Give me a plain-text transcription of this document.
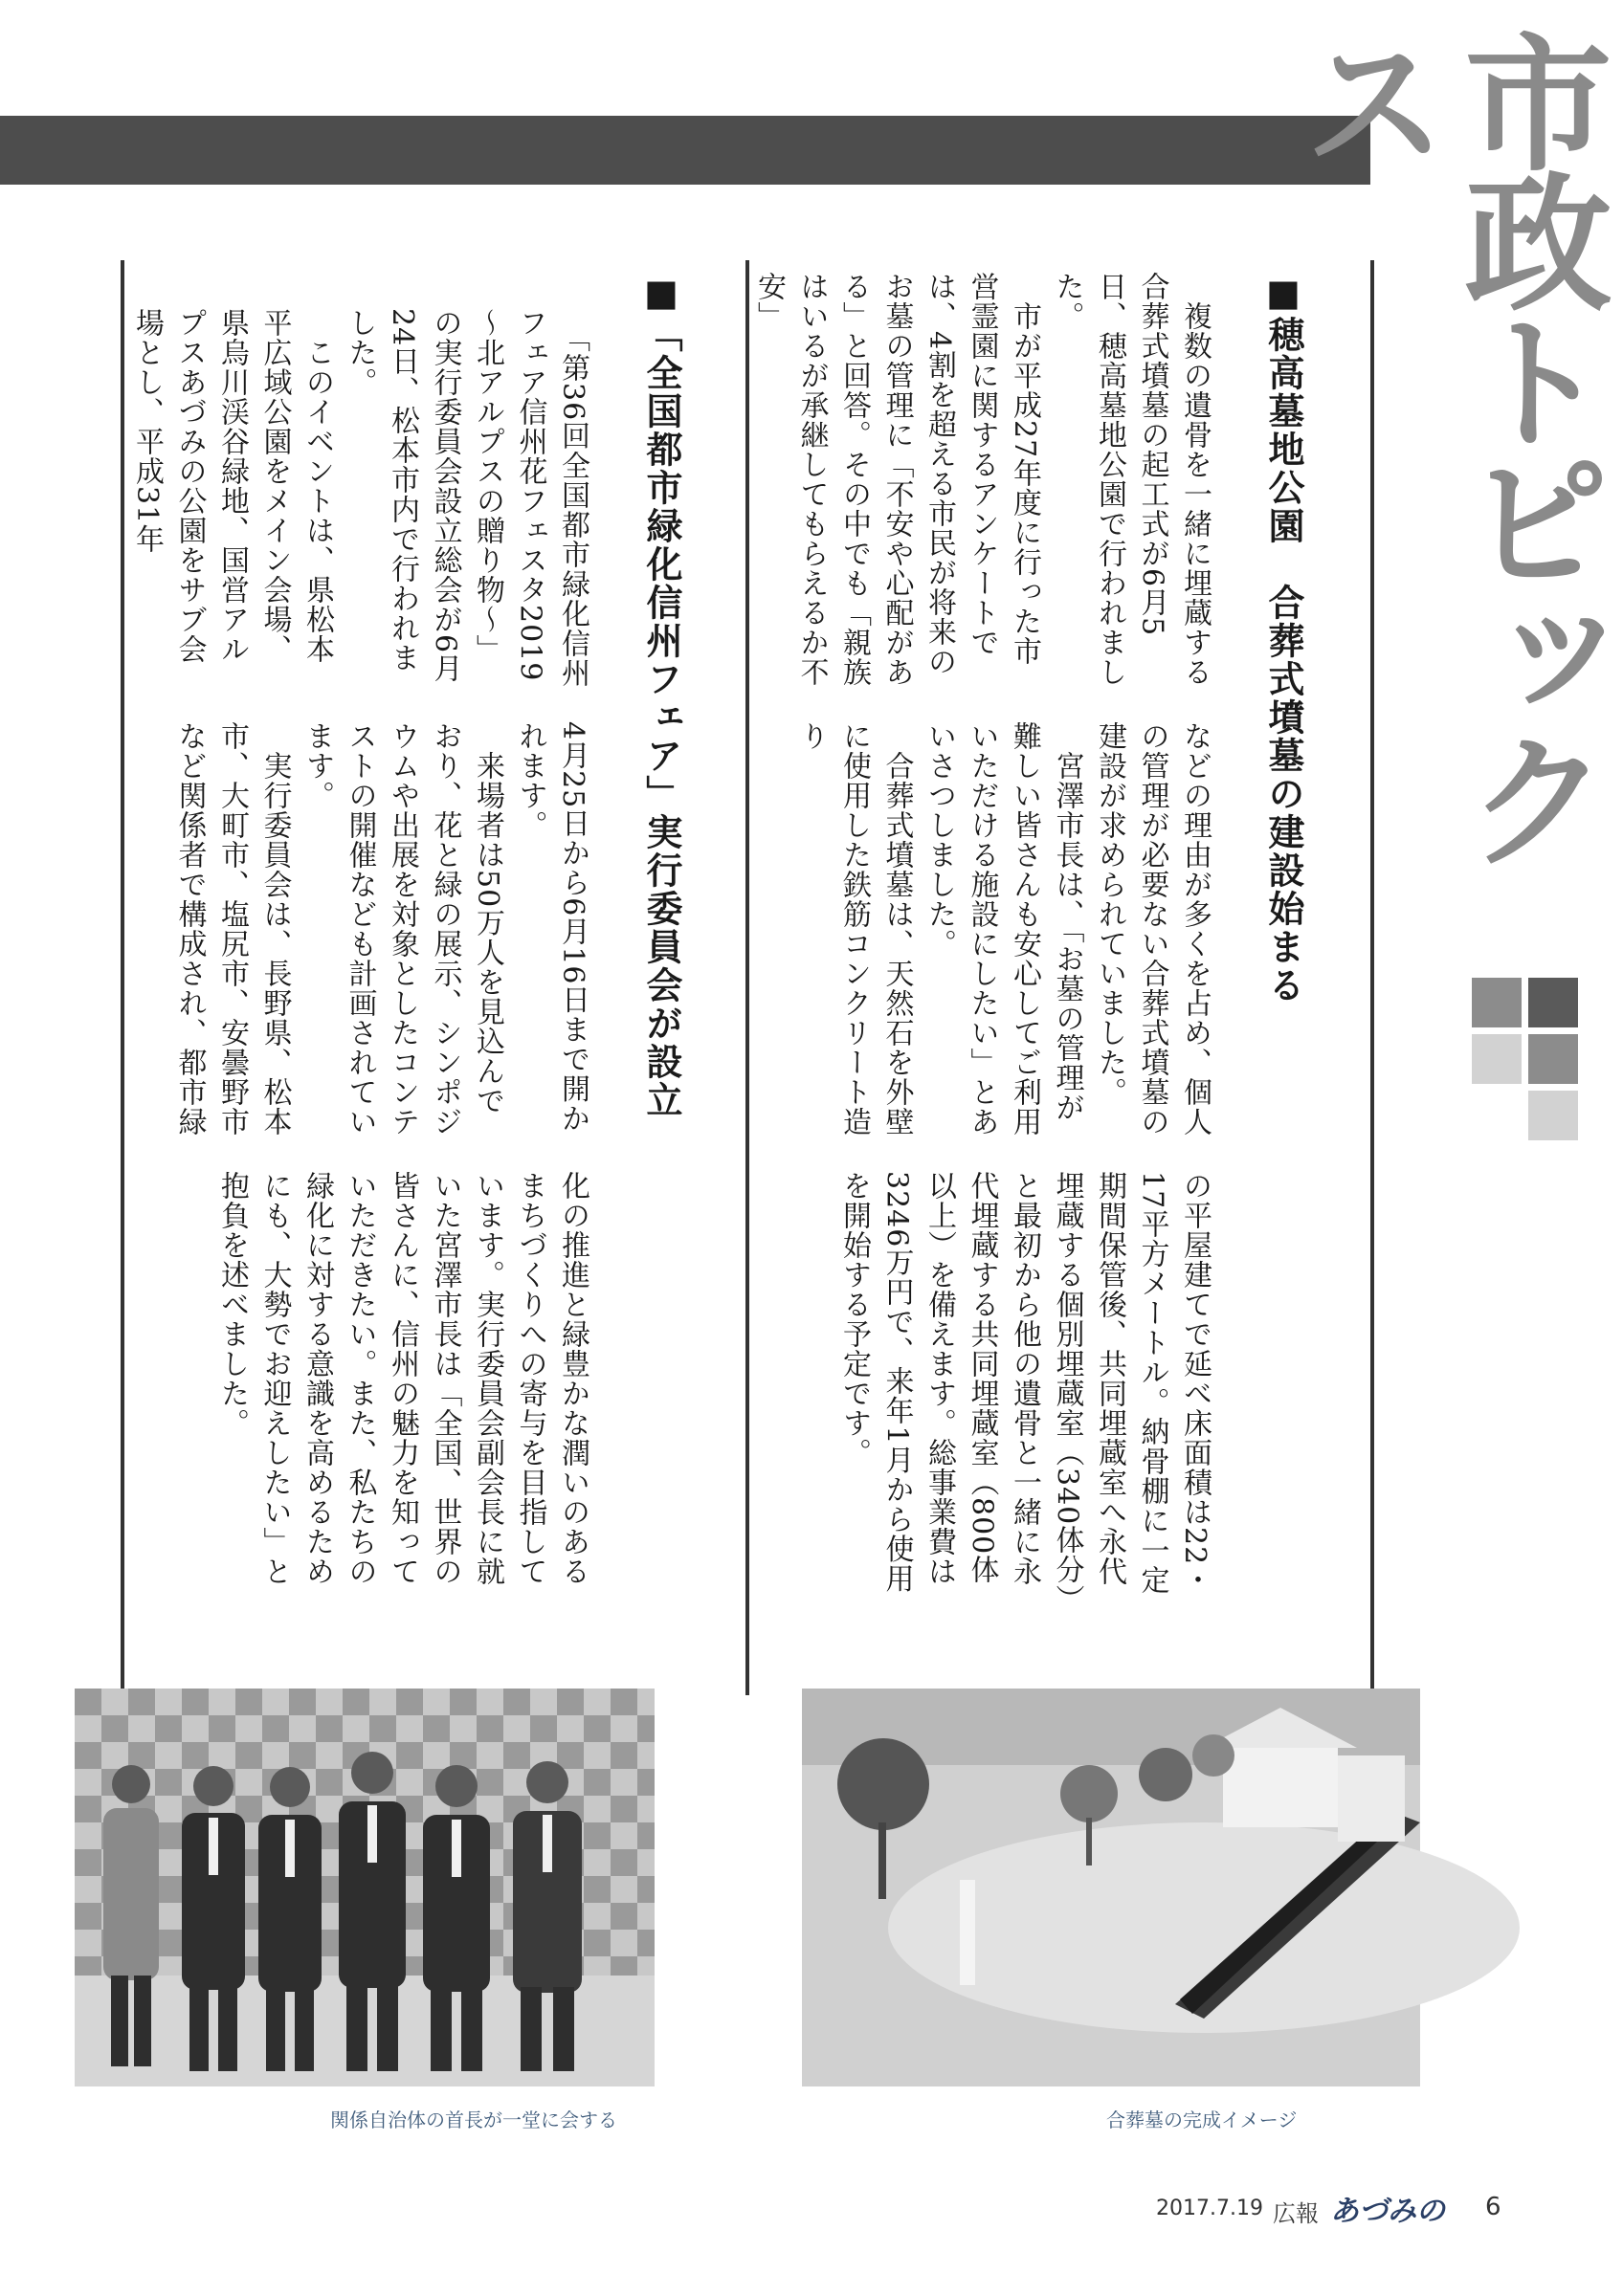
市政トピックス
■穂高墓地公園　合葬式墳墓の建設始まる

　複数の遺骨を一緒に埋蔵する合葬式墳墓の起工式が6月5日、穂高墓地公園で行われました。
　市が平成27年度に行った市営霊園に関するアンケートでは、4割を超える市民が将来のお墓の管理に「不安や心配がある」と回答。その中でも「親族はいるが承継してもらえるか不安」

などの理由が多くを占め、個人の管理が必要ない合葬式墳墓の建設が求められていました。
　宮澤市長は、「お墓の管理が難しい皆さんも安心してご利用いただける施設にしたい」とあいさつしました。
　合葬式墳墓は、天然石を外壁に使用した鉄筋コンクリート造り

の平屋建てで延べ床面積は22・17平方メートル。納骨棚に一定期間保管後、共同埋蔵室へ永代埋蔵する個別埋蔵室（340体分）と最初から他の遺骨と一緒に永代埋蔵する共同埋蔵室（800体以上）を備えます。総事業費は3246万円で、来年1月から使用を開始する予定です。

■「全国都市緑化信州フェア」実行委員会が設立

　「第36回全国都市緑化信州フェア信州花フェスタ2019～北アルプスの贈り物～」の実行委員会設立総会が6月24日、松本市内で行われました。
　このイベントは、県松本平広域公園をメイン会場、県烏川渓谷緑地、国営アルプスあづみの公園をサブ会場とし、平成31年

4月25日から6月16日まで開かれます。
　来場者は50万人を見込んでおり、花と緑の展示、シンポジウムや出展を対象としたコンテストの開催なども計画されています。
　実行委員会は、長野県、松本市、大町市、塩尻市、安曇野市など関係者で構成され、都市緑

化の推進と緑豊かな潤いのあるまちづくりへの寄与を目指しています。実行委員会副会長に就いた宮澤市長は「全国、世界の皆さんに、信州の魅力を知っていただきたい。また、私たちの緑化に対する意識を高めるためにも、大勢でお迎えしたい」と抱負を述べました。

関係自治体の首長が一堂に会する	合葬墓の完成イメージ
2017.7.19 広報 あづみの 6
